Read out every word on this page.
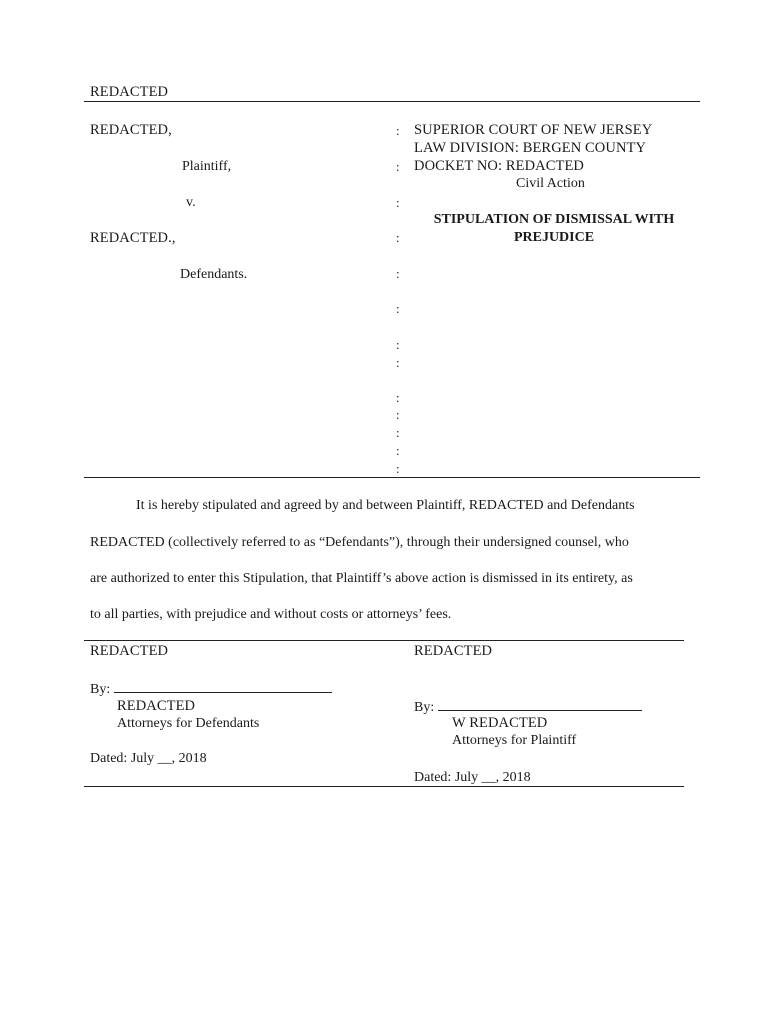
REDACTED
REDACTED,
Plaintiff,
v.
REDACTED.,
Defendants.
:
:
:
:
:
:
:
:
:
:
:
:
:
SUPERIOR COURT OF NEW JERSEY
LAW DIVISION: BERGEN COUNTY
DOCKET NO: REDACTED
Civil Action
STIPULATION OF DISMISSAL WITH
PREJUDICE
It is hereby stipulated and agreed by and between Plaintiff, REDACTED and Defendants
REDACTED (collectively referred to as “Defendants”), through their undersigned counsel, who
are authorized to enter this Stipulation, that Plaintiff’s above action is dismissed in its entirety, as
to all parties, with prejudice and without costs or attorneys’ fees.
REDACTED
By:
REDACTED
Attorneys for Defendants
Dated: July __, 2018
REDACTED
By:
W REDACTED
Attorneys for Plaintiff
Dated: July __, 2018
